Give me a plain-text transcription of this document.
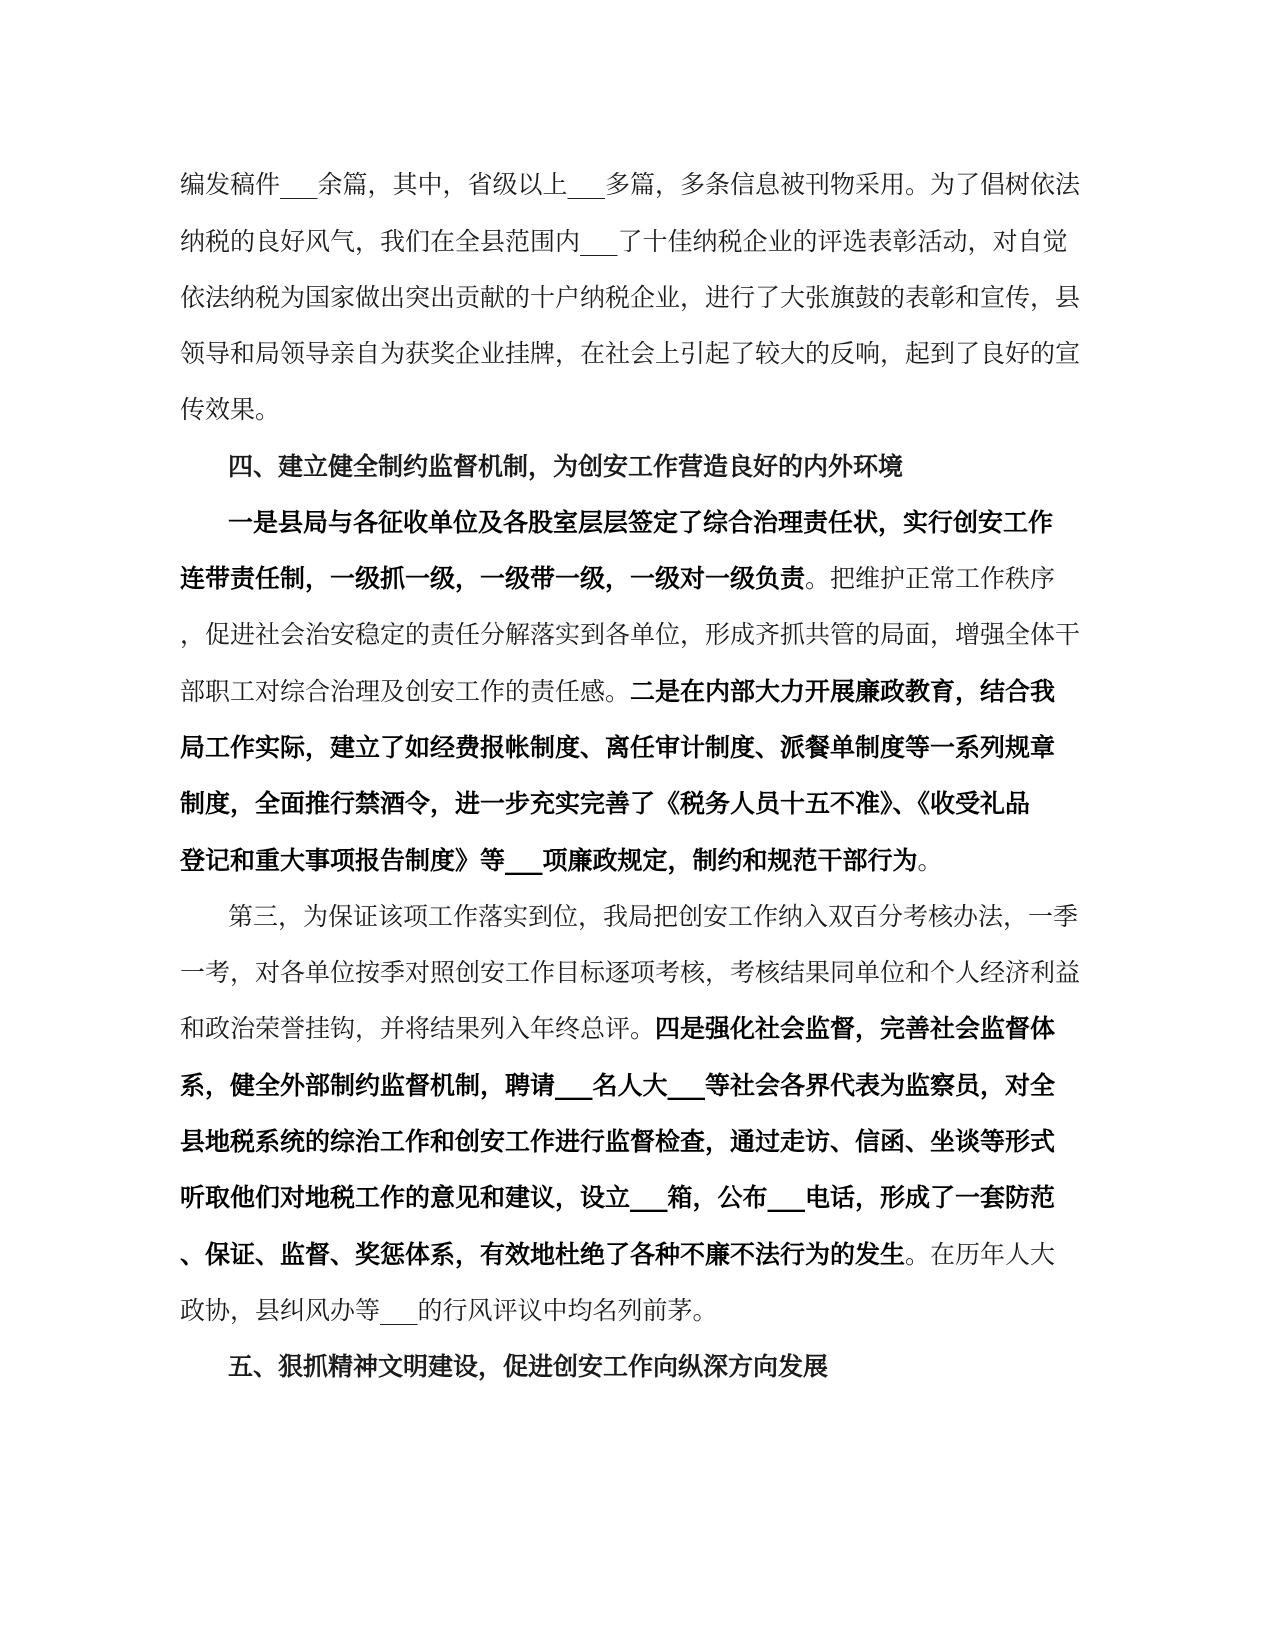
编发稿件___余篇，其中，省级以上___多篇，多条信息被刊物采用。为了倡树依法

纳税的良好风气，我们在全县范围内___了十佳纳税企业的评选表彰活动，对自觉

依法纳税为国家做出突出贡献的十户纳税企业，进行了大张旗鼓的表彰和宣传，县

领导和局领导亲自为获奖企业挂牌，在社会上引起了较大的反响，起到了良好的宣

传效果。

四、建立健全制约监督机制，为创安工作营造良好的内外环境

一是县局与各征收单位及各股室层层签定了综合治理责任状，实行创安工作

连带责任制，一级抓一级，一级带一级，一级对一级负责。把维护正常工作秩序

，促进社会治安稳定的责任分解落实到各单位，形成齐抓共管的局面，增强全体干

部职工对综合治理及创安工作的责任感。二是在内部大力开展廉政教育，结合我

局工作实际，建立了如经费报帐制度、离任审计制度、派餐单制度等一系列规章

制度，全面推行禁酒令，进一步充实完善了《税务人员十五不准》、《收受礼品

登记和重大事项报告制度》等___项廉政规定，制约和规范干部行为。

第三，为保证该项工作落实到位，我局把创安工作纳入双百分考核办法，一季

一考，对各单位按季对照创安工作目标逐项考核，考核结果同单位和个人经济利益

和政治荣誉挂钩，并将结果列入年终总评。四是强化社会监督，完善社会监督体

系，健全外部制约监督机制，聘请___名人大___等社会各界代表为监察员，对全

县地税系统的综治工作和创安工作进行监督检查，通过走访、信函、坐谈等形式

听取他们对地税工作的意见和建议，设立___箱，公布___电话，形成了一套防范

、保证、监督、奖惩体系，有效地杜绝了各种不廉不法行为的发生。在历年人大

政协，县纠风办等___的行风评议中均名列前茅。

五、狠抓精神文明建设，促进创安工作向纵深方向发展
